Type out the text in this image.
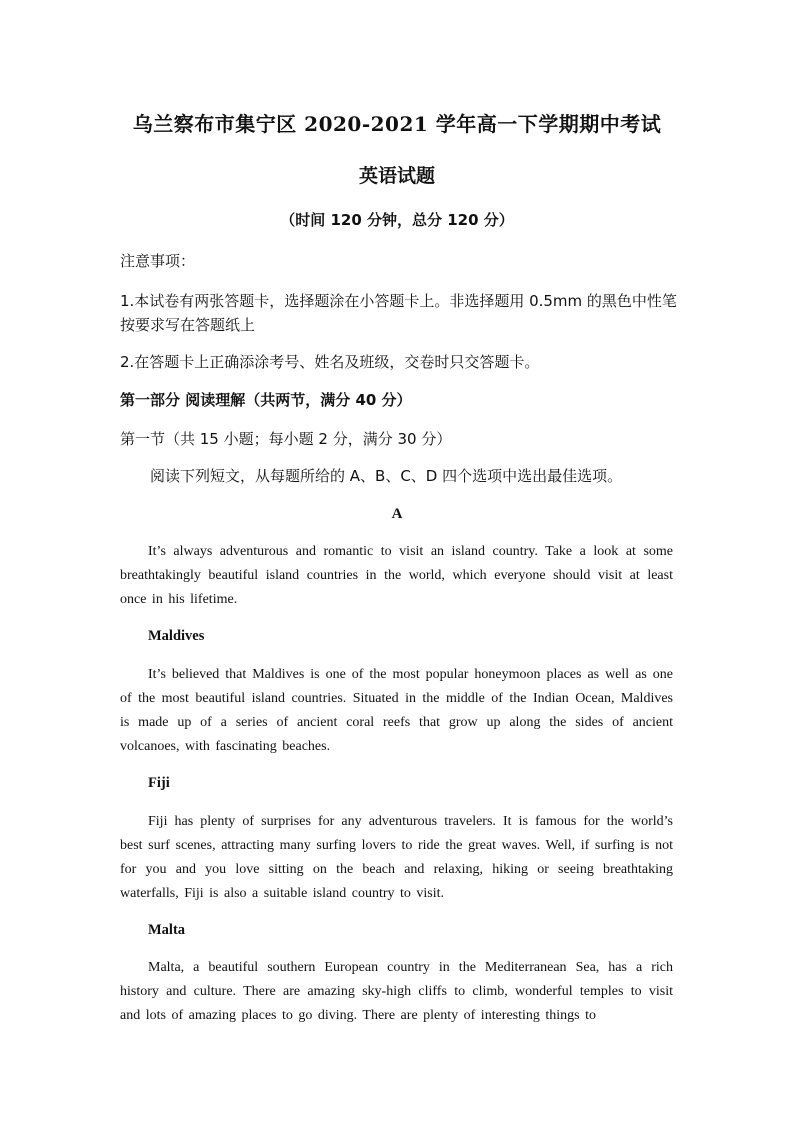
乌兰察布市集宁区 2020-2021 学年高一下学期期中考试
英语试题
（时间 120 分钟，总分 120 分）
注意事项：
1.本试卷有两张答题卡，选择题涂在小答题卡上。非选择题用 0.5mm 的黑色中性笔按要求写在答题纸上
2.在答题卡上正确添涂考号、姓名及班级，交卷时只交答题卡。
第一部分 阅读理解（共两节，满分 40 分）
第一节（共 15 小题；每小题 2 分，满分 30 分）
阅读下列短文，从每题所给的 A、B、C、D 四个选项中选出最佳选项。
A
It’s always adventurous and romantic to visit an island country. Take a look at some breathtakingly beautiful island countries in the world, which everyone should visit at least once in his lifetime.
Maldives
It’s believed that Maldives is one of the most popular honeymoon places as well as one of the most beautiful island countries. Situated in the middle of the Indian Ocean, Maldives is made up of a series of ancient coral reefs that grow up along the sides of ancient volcanoes, with fascinating beaches.
Fiji
Fiji has plenty of surprises for any adventurous travelers. It is famous for the world’s best surf scenes, attracting many surfing lovers to ride the great waves. Well, if surfing is not for you and you love sitting on the beach and relaxing, hiking or seeing breathtaking waterfalls, Fiji is also a suitable island country to visit.
Malta
Malta, a beautiful southern European country in the Mediterranean Sea, has a rich history and culture. There are amazing sky-high cliffs to climb, wonderful temples to visit and lots of amazing places to go diving. There are plenty of interesting things to
